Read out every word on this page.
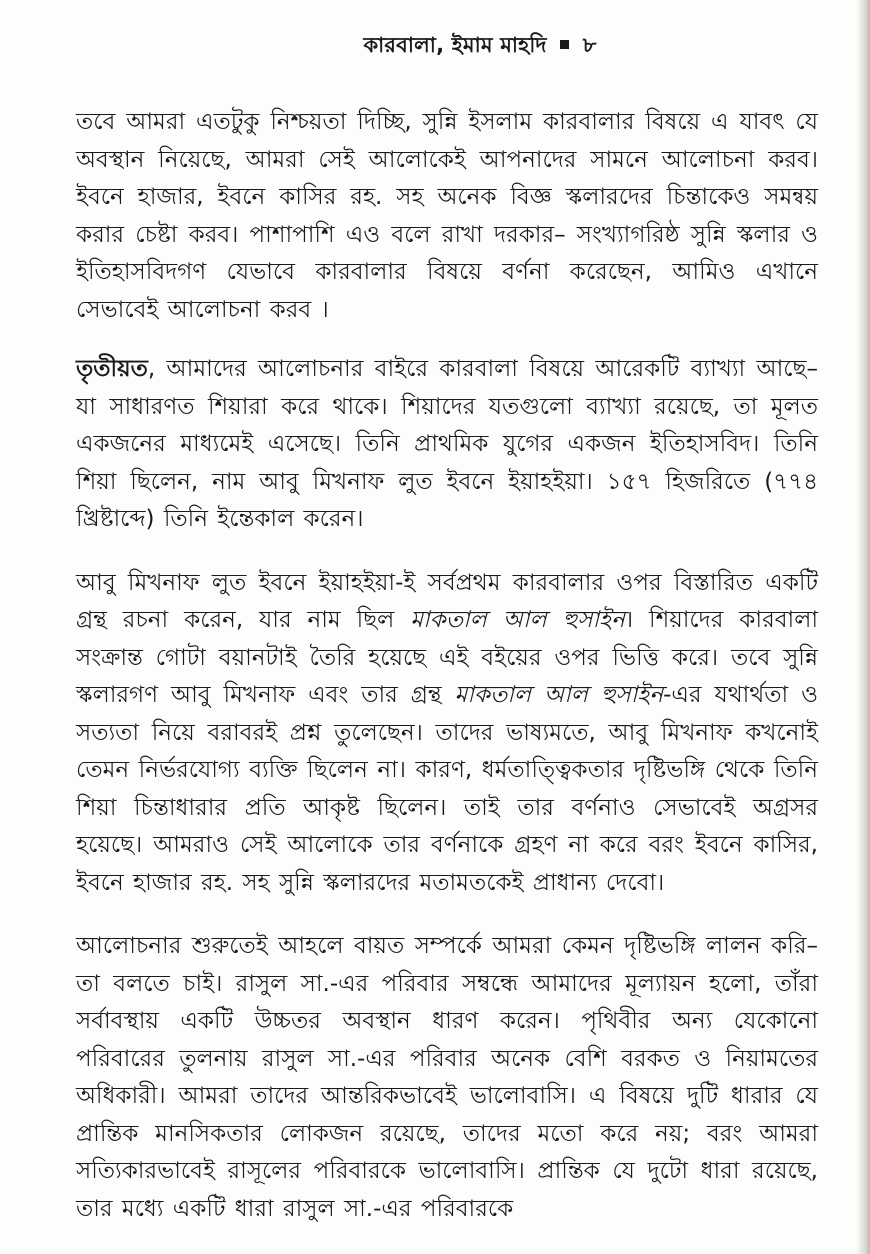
কারবালা, ইমাম মাহদি ৮

তবে আমরা এতটুকু নিশ্চয়তা দিচ্ছি, সুন্নি ইসলাম কারবালার বিষয়ে এ যাবৎ যে অবস্থান নিয়েছে, আমরা সেই আলোকেই আপনাদের সামনে আলোচনা করব। ইবনে হাজার, ইবনে কাসির রহ. সহ অনেক বিজ্ঞ স্কলারদের চিন্তাকেও সমন্বয় করার চেষ্টা করব। পাশাপাশি এও বলে রাখা দরকার– সংখ্যাগরিষ্ঠ সুন্নি স্কলার ও ইতিহাসবিদগণ যেভাবে কারবালার বিষয়ে বর্ণনা করেছেন, আমিও এখানে সেভাবেই আলোচনা করব ।

তৃতীয়ত, আমাদের আলোচনার বাইরে কারবালা বিষয়ে আরেকটি ব্যাখ্যা আছে– যা সাধারণত শিয়ারা করে থাকে। শিয়াদের যতগুলো ব্যাখ্যা রয়েছে, তা মূলত একজনের মাধ্যমেই এসেছে। তিনি প্রাথমিক যুগের একজন ইতিহাসবিদ। তিনি শিয়া ছিলেন, নাম আবু মিখনাফ লুত ইবনে ইয়াহইয়া। ১৫৭ হিজরিতে (৭৭৪ খ্রিষ্টাব্দে) তিনি ইন্তেকাল করেন।

আবু মিখনাফ লুত ইবনে ইয়াহইয়া-ই সর্বপ্রথম কারবালার ওপর বিস্তারিত একটি গ্রন্থ রচনা করেন, যার নাম ছিল মাকতাল আল হুসাইন। শিয়াদের কারবালা সংক্রান্ত গোটা বয়ানটাই তৈরি হয়েছে এই বইয়ের ওপর ভিত্তি করে। তবে সুন্নি স্কলারগণ আবু মিখনাফ এবং তার গ্রন্থ মাকতাল আল হুসাইন-এর যথার্থতা ও সত্যতা নিয়ে বরাবরই প্রশ্ন তুলেছেন। তাদের ভাষ্যমতে, আবু মিখনাফ কখনোই তেমন নির্ভরযোগ্য ব্যক্তি ছিলেন না। কারণ, ধর্মতাত্ত্বিকতার দৃষ্টিভঙ্গি থেকে তিনি শিয়া চিন্তাধারার প্রতি আকৃষ্ট ছিলেন। তাই তার বর্ণনাও সেভাবেই অগ্রসর হয়েছে। আমরাও সেই আলোকে তার বর্ণনাকে গ্রহণ না করে বরং ইবনে কাসির, ইবনে হাজার রহ. সহ সুন্নি স্কলারদের মতামতকেই প্রাধান্য দেবো।

আলোচনার শুরুতেই আহলে বায়ত সম্পর্কে আমরা কেমন দৃষ্টিভঙ্গি লালন করি– তা বলতে চাই। রাসুল সা.-এর পরিবার সম্বন্ধে আমাদের মূল্যায়ন হলো, তাঁরা সর্বাবস্থায় একটি উচ্চতর অবস্থান ধারণ করেন। পৃথিবীর অন্য যেকোনো পরিবারের তুলনায় রাসুল সা.-এর পরিবার অনেক বেশি বরকত ও নিয়ামতের অধিকারী। আমরা তাদের আন্তরিকভাবেই ভালোবাসি। এ বিষয়ে দুটি ধারার যে প্রান্তিক মানসিকতার লোকজন রয়েছে, তাদের মতো করে নয়; বরং আমরা সত্যিকারভাবেই রাসূলের পরিবারকে ভালোবাসি। প্রান্তিক যে দুটো ধারা রয়েছে, তার মধ্যে একটি ধারা রাসুল সা.-এর পরিবারকে
